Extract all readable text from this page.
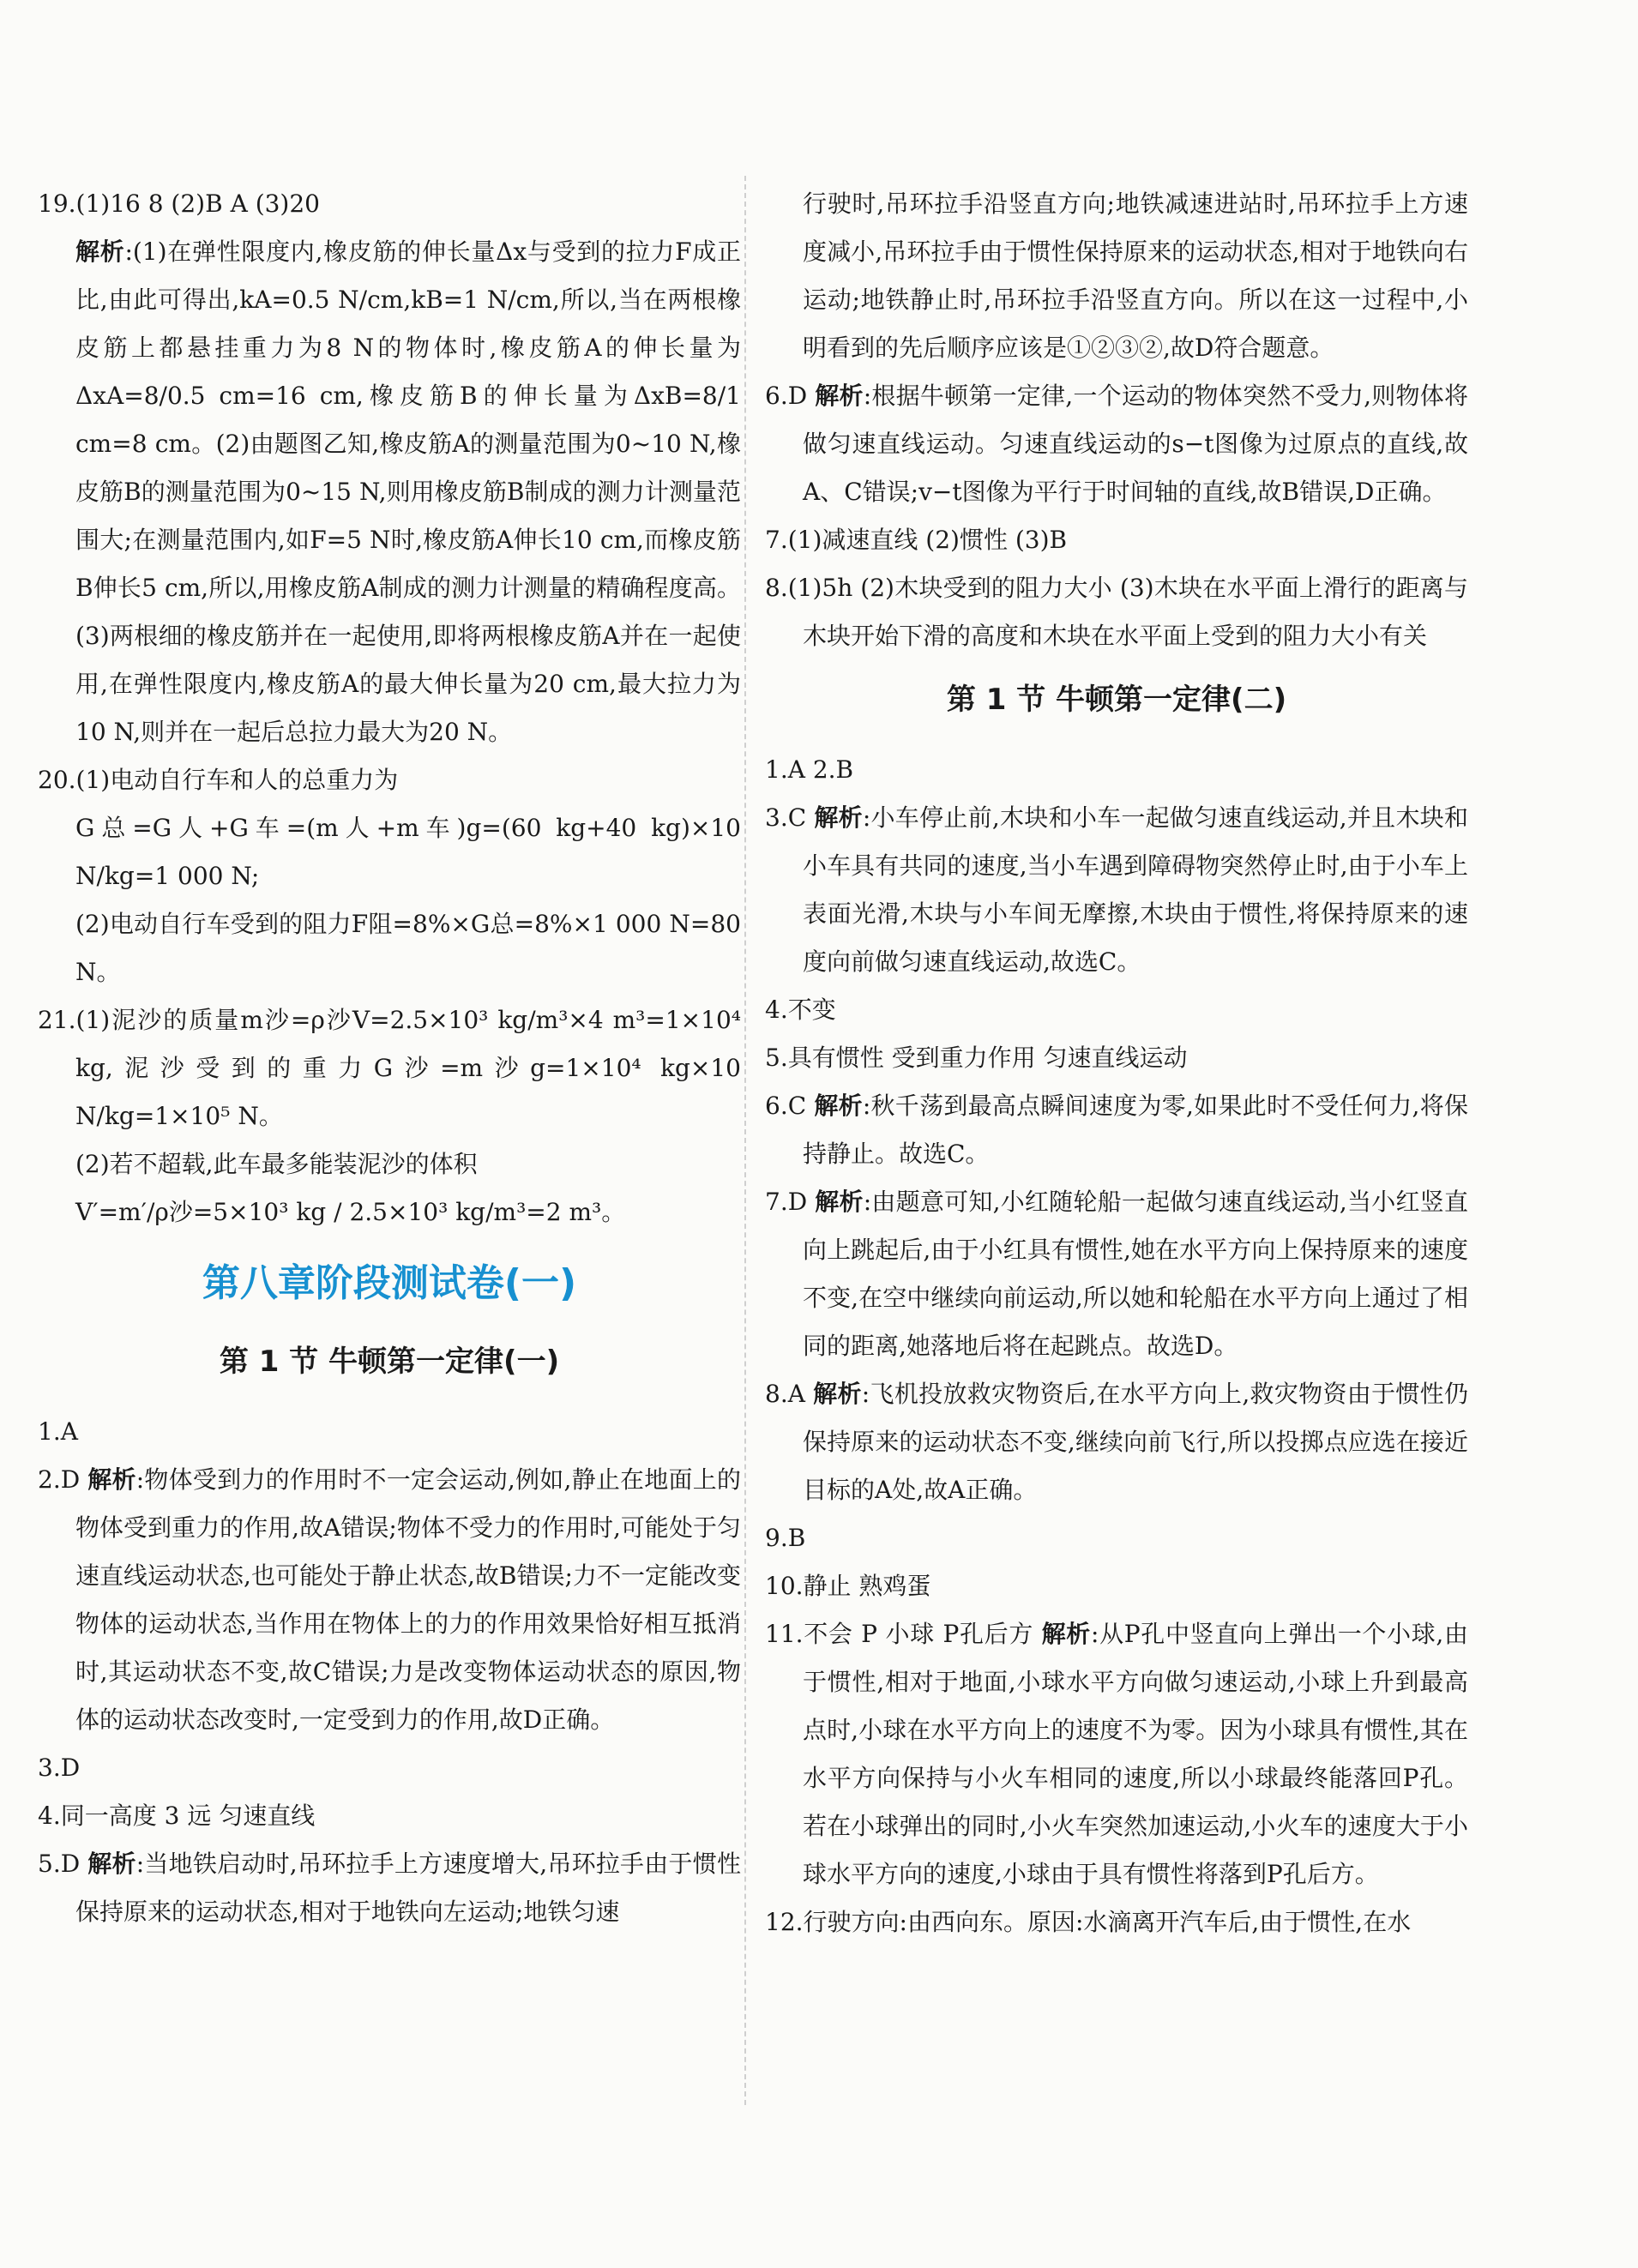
19.(1)16 8 (2)B A (3)20
解析:(1)在弹性限度内,橡皮筋的伸长量Δx与受到的拉力F成正比,由此可得出,kA=0.5 N/cm,kB=1 N/cm,所以,当在两根橡皮筋上都悬挂重力为8 N的物体时,橡皮筋A的伸长量为ΔxA=8/0.5 cm=16 cm,橡皮筋B的伸长量为ΔxB=8/1 cm=8 cm。(2)由题图乙知,橡皮筋A的测量范围为0~10 N,橡皮筋B的测量范围为0~15 N,则用橡皮筋B制成的测力计测量范围大;在测量范围内,如F=5 N时,橡皮筋A伸长10 cm,而橡皮筋B伸长5 cm,所以,用橡皮筋A制成的测力计测量的精确程度高。(3)两根细的橡皮筋并在一起使用,即将两根橡皮筋A并在一起使用,在弹性限度内,橡皮筋A的最大伸长量为20 cm,最大拉力为10 N,则并在一起后总拉力最大为20 N。
20.(1)电动自行车和人的总重力为
G总=G人+G车=(m人+m车)g=(60 kg+40 kg)×10 N/kg=1 000 N;
(2)电动自行车受到的阻力F阻=8%×G总=8%×1 000 N=80 N。
21.(1)泥沙的质量m沙=ρ沙V=2.5×10³ kg/m³×4 m³=1×10⁴ kg,泥沙受到的重力G沙=m沙g=1×10⁴ kg×10 N/kg=1×10⁵ N。
(2)若不超载,此车最多能装泥沙的体积
V′=m′/ρ沙=5×10³ kg / 2.5×10³ kg/m³=2 m³。
第八章阶段测试卷(一)
第 1 节 牛顿第一定律(一)
1.A
2.D 解析:物体受到力的作用时不一定会运动,例如,静止在地面上的物体受到重力的作用,故A错误;物体不受力的作用时,可能处于匀速直线运动状态,也可能处于静止状态,故B错误;力不一定能改变物体的运动状态,当作用在物体上的力的作用效果恰好相互抵消时,其运动状态不变,故C错误;力是改变物体运动状态的原因,物体的运动状态改变时,一定受到力的作用,故D正确。
3.D
4.同一高度 3 远 匀速直线
5.D 解析:当地铁启动时,吊环拉手上方速度增大,吊环拉手由于惯性保持原来的运动状态,相对于地铁向左运动;地铁匀速
行驶时,吊环拉手沿竖直方向;地铁减速进站时,吊环拉手上方速度减小,吊环拉手由于惯性保持原来的运动状态,相对于地铁向右运动;地铁静止时,吊环拉手沿竖直方向。所以在这一过程中,小明看到的先后顺序应该是①②③②,故D符合题意。
6.D 解析:根据牛顿第一定律,一个运动的物体突然不受力,则物体将做匀速直线运动。匀速直线运动的s−t图像为过原点的直线,故A、C错误;v−t图像为平行于时间轴的直线,故B错误,D正确。
7.(1)减速直线 (2)惯性 (3)B
8.(1)5h (2)木块受到的阻力大小 (3)木块在水平面上滑行的距离与木块开始下滑的高度和木块在水平面上受到的阻力大小有关
第 1 节 牛顿第一定律(二)
1.A 2.B
3.C 解析:小车停止前,木块和小车一起做匀速直线运动,并且木块和小车具有共同的速度,当小车遇到障碍物突然停止时,由于小车上表面光滑,木块与小车间无摩擦,木块由于惯性,将保持原来的速度向前做匀速直线运动,故选C。
4.不变
5.具有惯性 受到重力作用 匀速直线运动
6.C 解析:秋千荡到最高点瞬间速度为零,如果此时不受任何力,将保持静止。故选C。
7.D 解析:由题意可知,小红随轮船一起做匀速直线运动,当小红竖直向上跳起后,由于小红具有惯性,她在水平方向上保持原来的速度不变,在空中继续向前运动,所以她和轮船在水平方向上通过了相同的距离,她落地后将在起跳点。故选D。
8.A 解析:飞机投放救灾物资后,在水平方向上,救灾物资由于惯性仍保持原来的运动状态不变,继续向前飞行,所以投掷点应选在接近目标的A处,故A正确。
9.B
10.静止 熟鸡蛋
11.不会 P 小球 P孔后方 解析:从P孔中竖直向上弹出一个小球,由于惯性,相对于地面,小球水平方向做匀速运动,小球上升到最高点时,小球在水平方向上的速度不为零。因为小球具有惯性,其在水平方向保持与小火车相同的速度,所以小球最终能落回P孔。若在小球弹出的同时,小火车突然加速运动,小火车的速度大于小球水平方向的速度,小球由于具有惯性将落到P孔后方。
12.行驶方向:由西向东。原因:水滴离开汽车后,由于惯性,在水
